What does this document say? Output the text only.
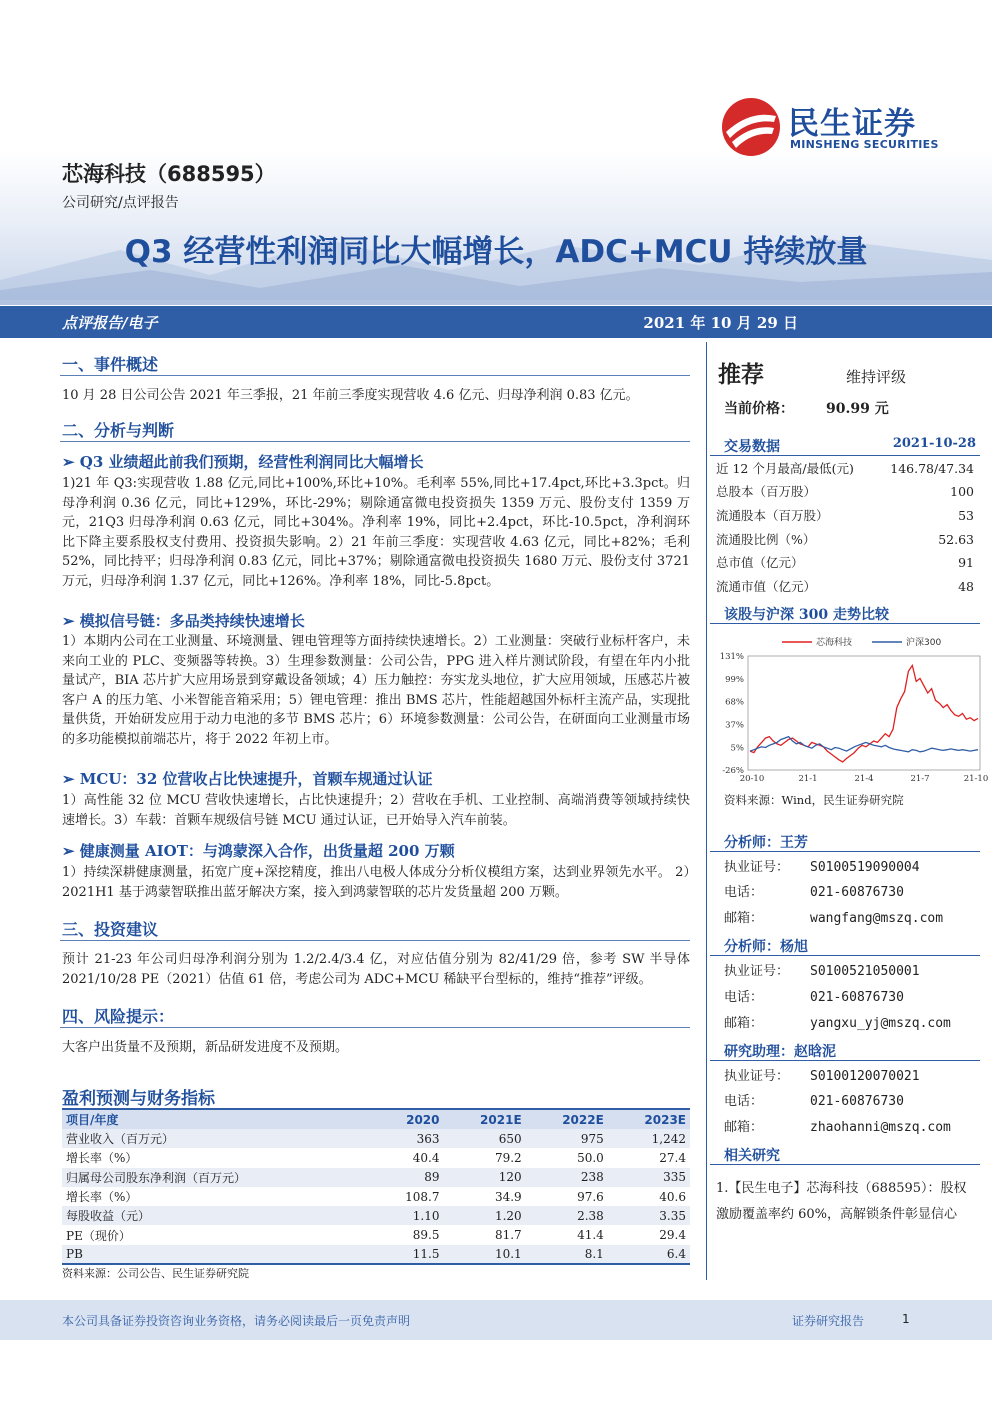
民生证券
MINSHENG SECURITIES
芯海科技（688595）
公司研究/点评报告
Q3 经营性利润同比大幅增长，ADC+MCU 持续放量
点评报告/电子	2021 年 10 月 29 日
一、事件概述
10 月 28 日公司公告 2021 年三季报，21 年前三季度实现营收 4.6 亿元、归母净利润 0.83 亿元。
二、分析与判断
➢ Q3 业绩超此前我们预期，经营性利润同比大幅增长
1)21 年 Q3:实现营收 1.88 亿元,同比+100%,环比+10%。毛利率 55%,同比+17.4pct,环比+3.3pct。归母净利润 0.36 亿元，同比+129%，环比-29%；剔除通富微电投资损失 1359 万元、股份支付 1359 万元，21Q3 归母净利润 0.63 亿元，同比+304%。净利率 19%，同比+2.4pct，环比-10.5pct，净利润环比下降主要系股权支付费用、投资损失影响。2）21 年前三季度：实现营收 4.63 亿元，同比+82%；毛利 52%，同比持平；归母净利润 0.83 亿元，同比+37%；剔除通富微电投资损失 1680 万元、股份支付 3721 万元，归母净利润 1.37 亿元，同比+126%。净利率 18%，同比-5.8pct。
➢ 模拟信号链：多品类持续快速增长
1）本期内公司在工业测量、环境测量、锂电管理等方面持续快速增长。2）工业测量：突破行业标杆客户，未来向工业的 PLC、变频器等转换。3）生理参数测量：公司公告，PPG 进入样片测试阶段，有望在年内小批量试产，BIA 芯片扩大应用场景到穿戴设备领域；4）压力触控：夯实龙头地位，扩大应用领域，压感芯片被客户 A 的压力笔、小米智能音箱采用；5）锂电管理：推出 BMS 芯片，性能超越国外标杆主流产品，实现批量供货，开始研发应用于动力电池的多节 BMS 芯片；6）环境参数测量：公司公告，在研面向工业测量市场的多功能模拟前端芯片，将于 2022 年初上市。
➢ MCU：32 位营收占比快速提升，首颗车规通过认证
1）高性能 32 位 MCU 营收快速增长，占比快速提升；2）营收在手机、工业控制、高端消费等领域持续快速增长。3）车载：首颗车规级信号链 MCU 通过认证，已开始导入汽车前装。
➢ 健康测量 AIOT：与鸿蒙深入合作，出货量超 200 万颗
1）持续深耕健康测量，拓宽广度+深挖精度，推出八电极人体成分分析仪模组方案，达到业界领先水平。 2）2021H1 基于鸿蒙智联推出蓝牙解决方案，接入到鸿蒙智联的芯片发货量超 200 万颗。
三、投资建议
预计 21-23 年公司归母净利润分别为 1.2/2.4/3.4 亿，对应估值分别为 82/41/29 倍，参考 SW 半导体 2021/10/28 PE（2021）估值 61 倍，考虑公司为 ADC+MCU 稀缺平台型标的，维持“推荐”评级。
四、风险提示：
大客户出货量不及预期，新品研发进度不及预期。
盈利预测与财务指标
项目/年度	2020	2021E	2022E	2023E
营业收入（百万元）	363	650	975	1,242
增长率（%）	40.4	79.2	50.0	27.4
归属母公司股东净利润（百万元）	89	120	238	335
增长率（%）	108.7	34.9	97.6	40.6
每股收益（元）	1.10	1.20	2.38	3.35
PE（现价）	89.5	81.7	41.4	29.4
PB	11.5	10.1	8.1	6.4
资料来源：公司公告、民生证券研究院
推荐	维持评级
当前价格： 90.99 元
交易数据	2021-10-28
近 12 个月最高/最低(元)	146.78/47.34
总股本（百万股）	100
流通股本（百万股）	53
流通股比例（%）	52.63
总市值（亿元）	91
流通市值（亿元）	48
该股与沪深 300 走势比较
131%
99%
68%
37%
5%
-26%
20-10	21-1	21-4	21-7	21-10
芯海科技	沪深300
资料来源：Wind，民生证券研究院
分析师：王芳
执业证号： S0100519090004
电话：	021-60876730
邮箱：	wangfang@mszq.com
分析师：杨旭
执业证号： S0100521050001
电话：	021-60876730
邮箱：	yangxu_yj@mszq.com
研究助理：赵晗泥
执业证号： S0100120070021
电话：	021-60876730
邮箱：	zhaohanni@mszq.com
相关研究
1.【民生电子】芯海科技（688595）：股权激励覆盖率约 60%，高解锁条件彰显信心
本公司具备证券投资咨询业务资格，请务必阅读最后一页免责声明	证券研究报告	1
